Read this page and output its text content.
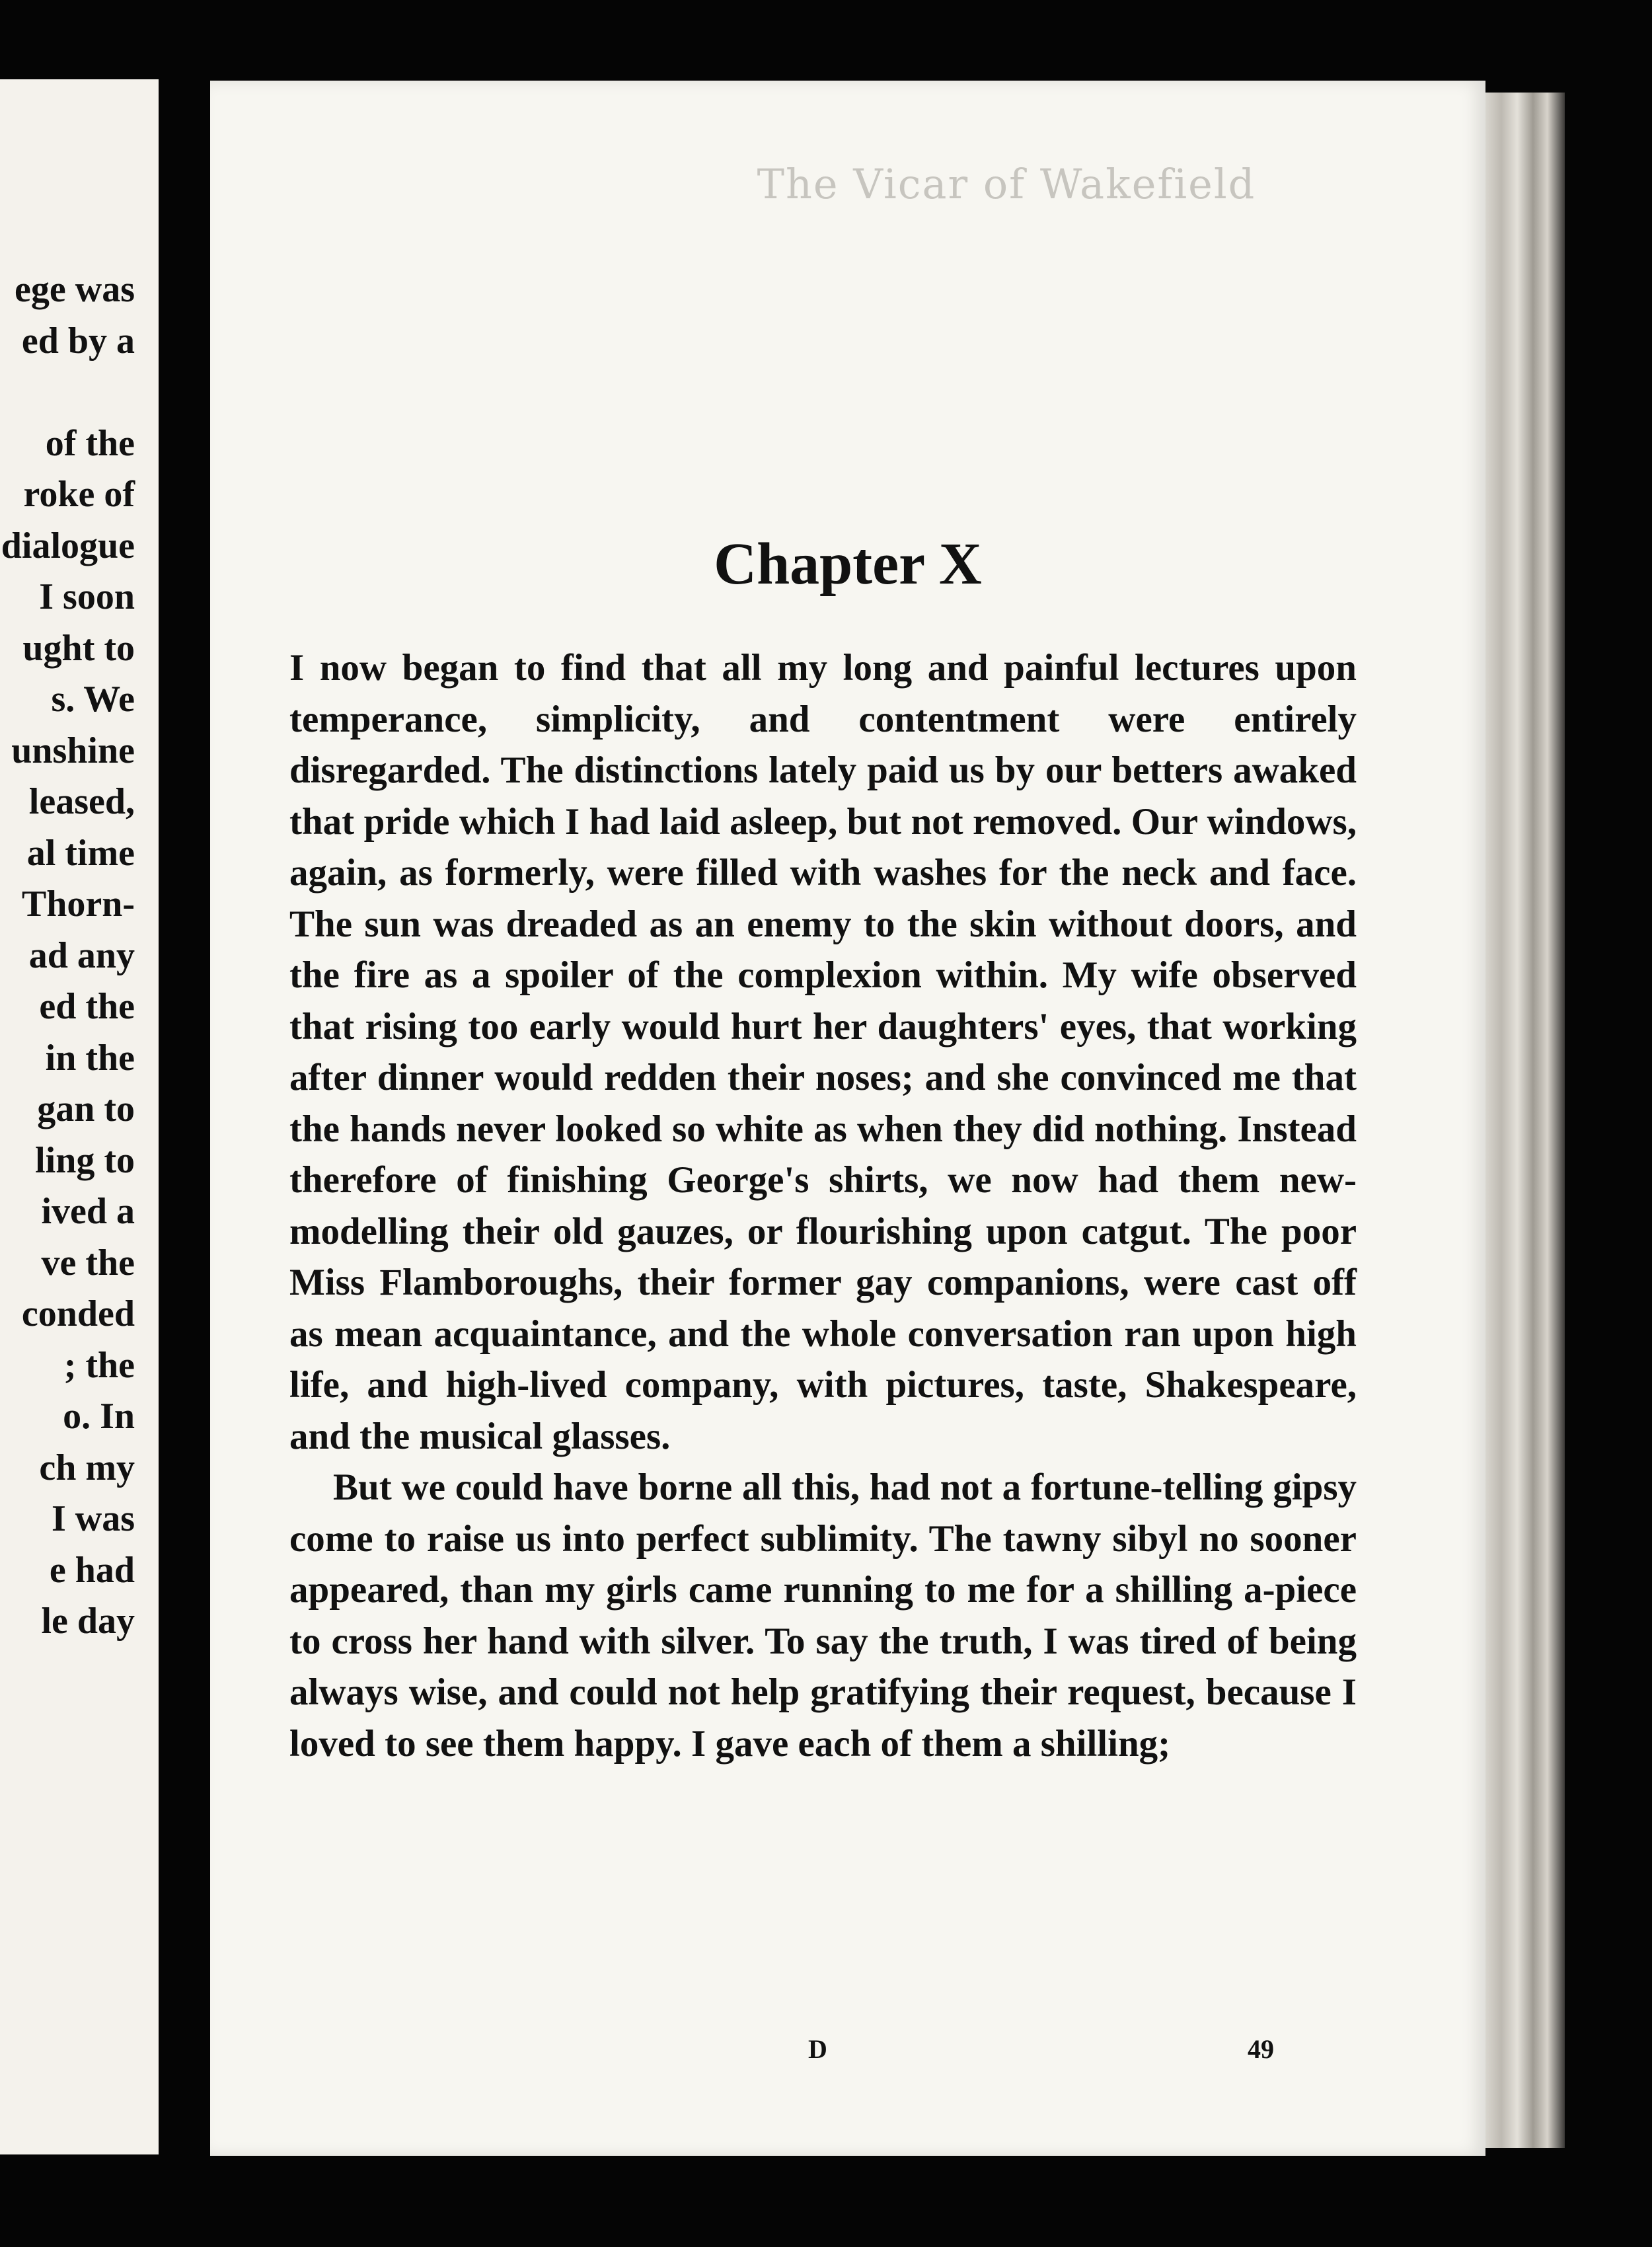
ege was
ed by a

of the
roke of
dialogue
I soon
ught to
s. We
unshine
leased,
al time
Thorn-
ad any
ed the
in the
gan to
ling to
ived a
ve the
conded
; the
o. In
ch my
I was
e had
le day
The Vicar of Wakefield
Chapter X

I now began to find that all my long and painful lectures upon temperance, simplicity, and contentment were entirely disregarded. The distinctions lately paid us by our betters awaked that pride which I had laid asleep, but not removed. Our windows, again, as formerly, were filled with washes for the neck and face. The sun was dreaded as an enemy to the skin without doors, and the fire as a spoiler of the complexion within. My wife observed that rising too early would hurt her daughters' eyes, that working after dinner would redden their noses; and she convinced me that the hands never looked so white as when they did nothing. Instead therefore of finishing George's shirts, we now had them new-modelling their old gauzes, or flourishing upon catgut. The poor Miss Flamboroughs, their former gay companions, were cast off as mean acquaintance, and the whole conversation ran upon high life, and high-lived company, with pictures, taste, Shakespeare, and the musical glasses.

But we could have borne all this, had not a fortune-telling gipsy come to raise us into perfect sublimity. The tawny sibyl no sooner appeared, than my girls came running to me for a shilling a-piece to cross her hand with silver. To say the truth, I was tired of being always wise, and could not help gratifying their request, because I loved to see them happy. I gave each of them a shilling;

D	49
